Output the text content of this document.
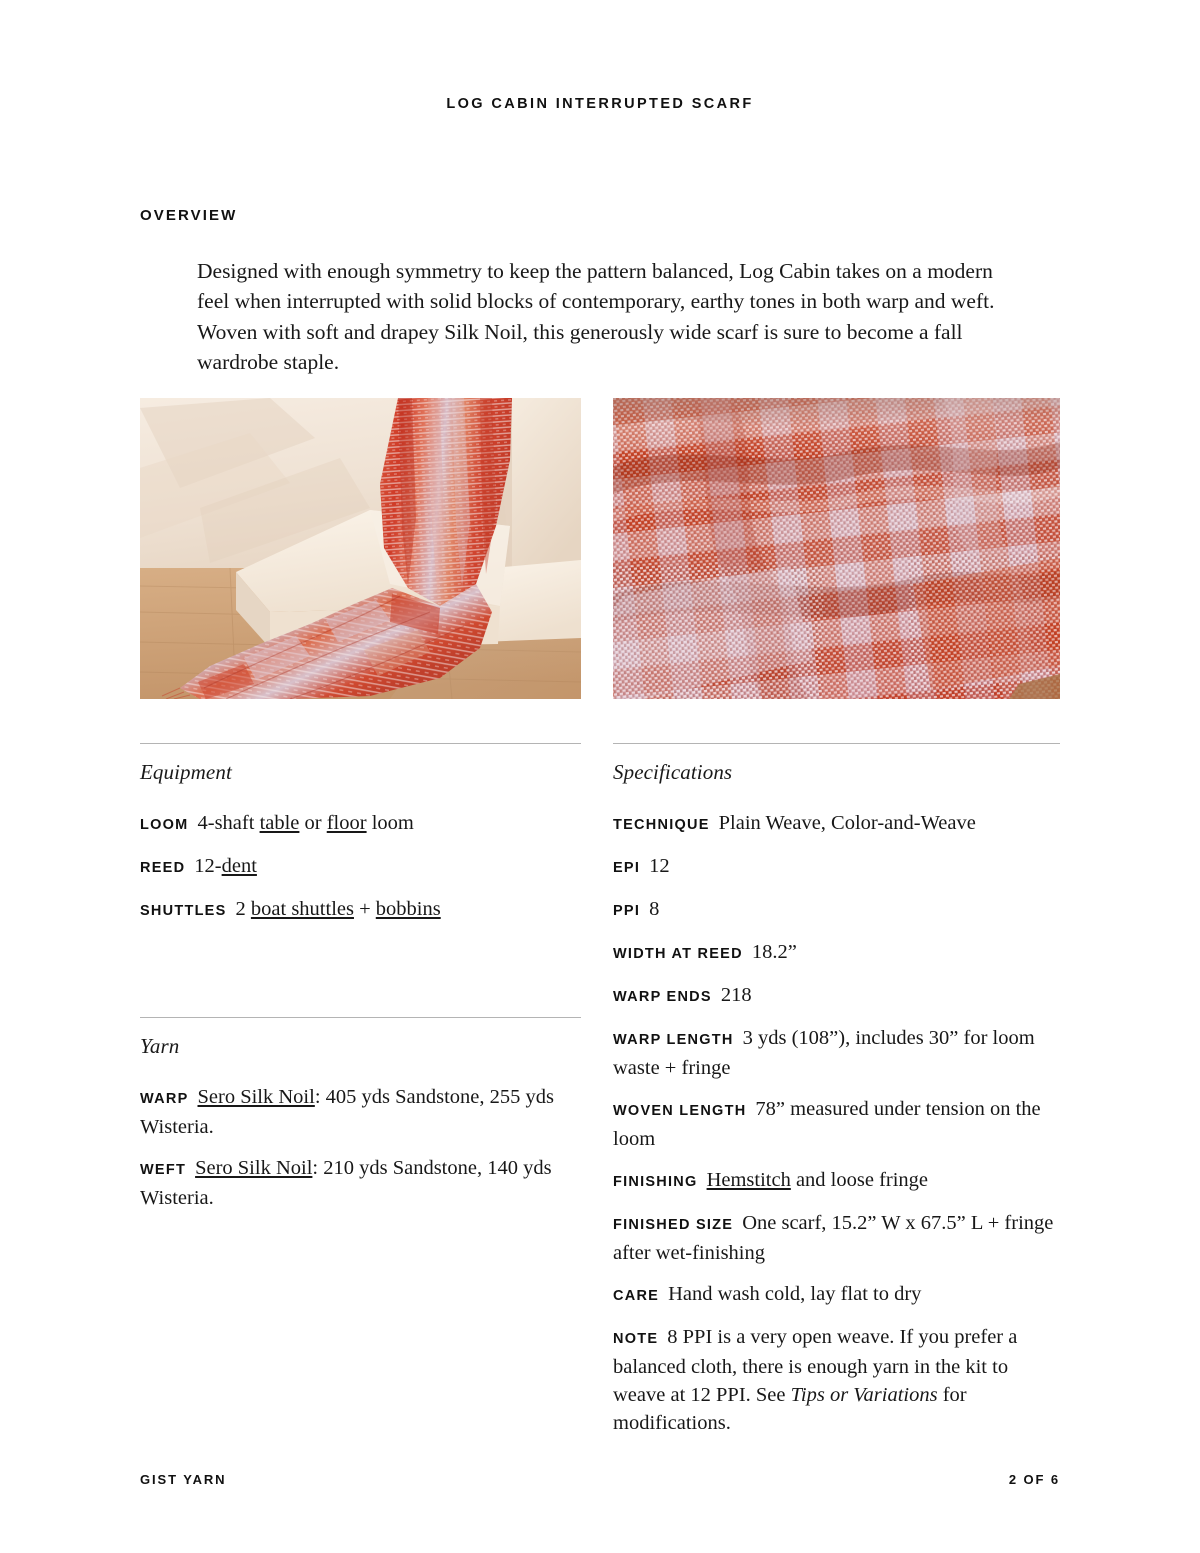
LOG CABIN INTERRUPTED SCARF
OVERVIEW

Designed with enough symmetry to keep the pattern balanced, Log Cabin takes on a modern feel when interrupted with solid blocks of contemporary, earthy tones in both warp and weft. Woven with soft and drapey Silk Noil, this generously wide scarf is sure to become a fall wardrobe staple.

Equipment
LOOM 4-shaft table or floor loom
REED 12-dent
SHUTTLES 2 boat shuttles + bobbins
Yarn
WARP Sero Silk Noil: 405 yds Sandstone, 255 yds Wisteria.
WEFT Sero Silk Noil: 210 yds Sandstone, 140 yds Wisteria.
Specifications
TECHNIQUE Plain Weave, Color-and-Weave
EPI 12
PPI 8
WIDTH AT REED 18.2”
WARP ENDS 218
WARP LENGTH 3 yds (108”), includes 30” for loom waste + fringe
WOVEN LENGTH 78” measured under tension on the loom
FINISHING Hemstitch and loose fringe
FINISHED SIZE One scarf, 15.2” W x 67.5” L + fringe after wet-finishing
CARE Hand wash cold, lay flat to dry
NOTE 8 PPI is a very open weave. If you prefer a balanced cloth, there is enough yarn in the kit to weave at 12 PPI. See Tips or Variations for modifications.
GIST YARN	2 OF 6
